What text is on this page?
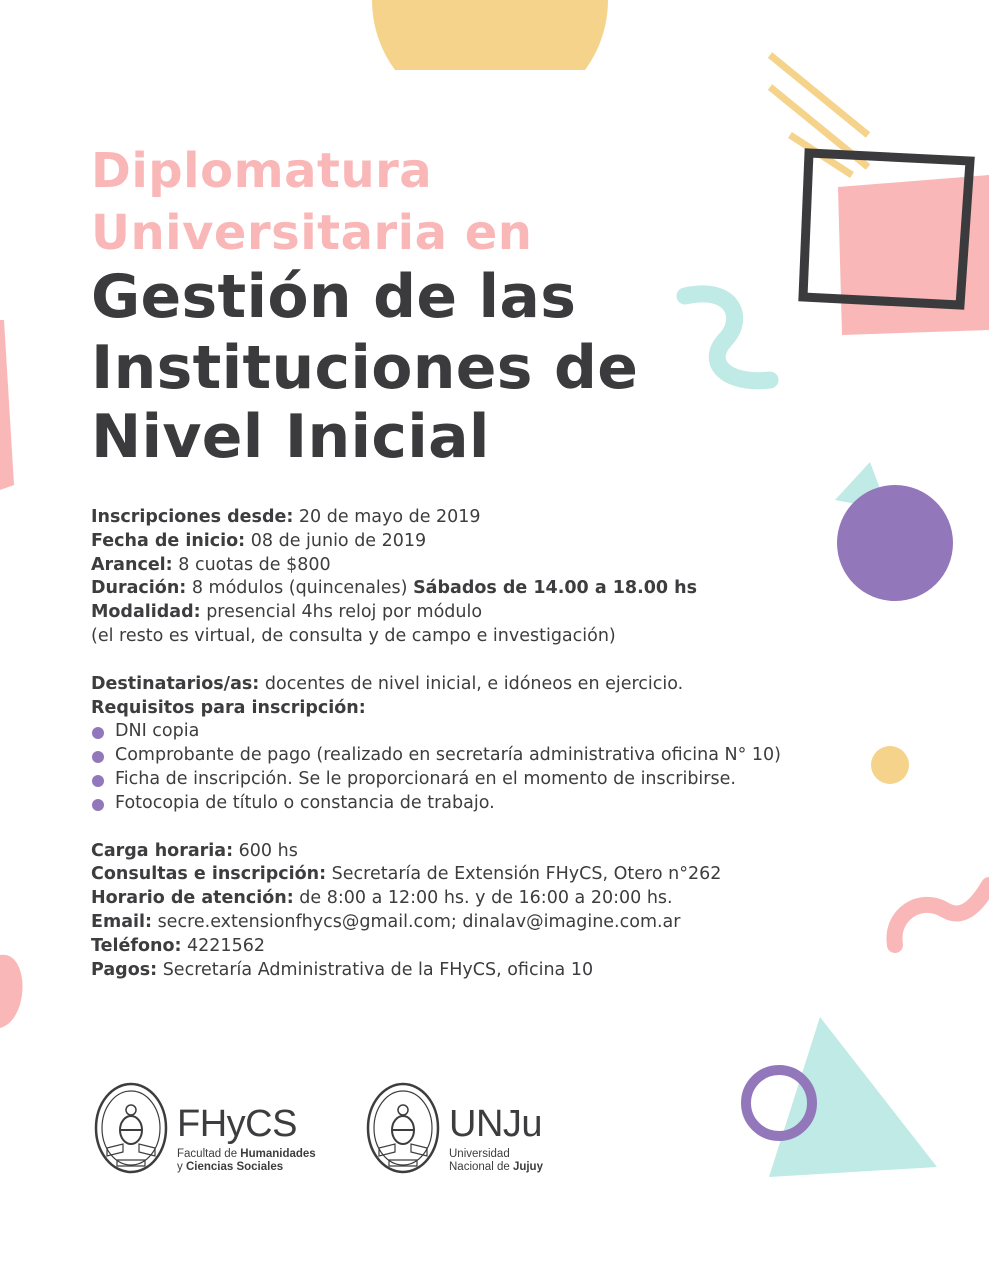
Diplomatura
Universitaria en
Gestión de las
Instituciones de
Nivel Inicial
Inscripciones desde: 20 de mayo de 2019
Fecha de inicio: 08 de junio de 2019
Arancel: 8 cuotas de $800
Duración: 8 módulos (quincenales) Sábados de 14.00 a 18.00 hs
Modalidad: presencial 4hs reloj por módulo
(el resto es virtual, de consulta y de campo e investigación)
Destinatarios/as: docentes de nivel inicial, e idóneos en ejercicio.
Requisitos para inscripción:
DNI copia
Comprobante de pago (realizado en secretaría administrativa oficina N° 10)
Ficha de inscripción. Se le proporcionará en el momento de inscribirse.
Fotocopia de título o constancia de trabajo.
Carga horaria: 600 hs
Consultas e inscripción: Secretaría de Extensión FHyCS, Otero n°262
Horario de atención: de 8:00 a 12:00 hs. y de 16:00 a 20:00 hs.
Email: secre.extensionfhycs@gmail.com; dinalav@imagine.com.ar
Teléfono: 4221562
Pagos: Secretaría Administrativa de la FHyCS, oficina 10
FHyCS
Facultad de Humanidades
y Ciencias Sociales
UNJu
Universidad
Nacional de Jujuy
